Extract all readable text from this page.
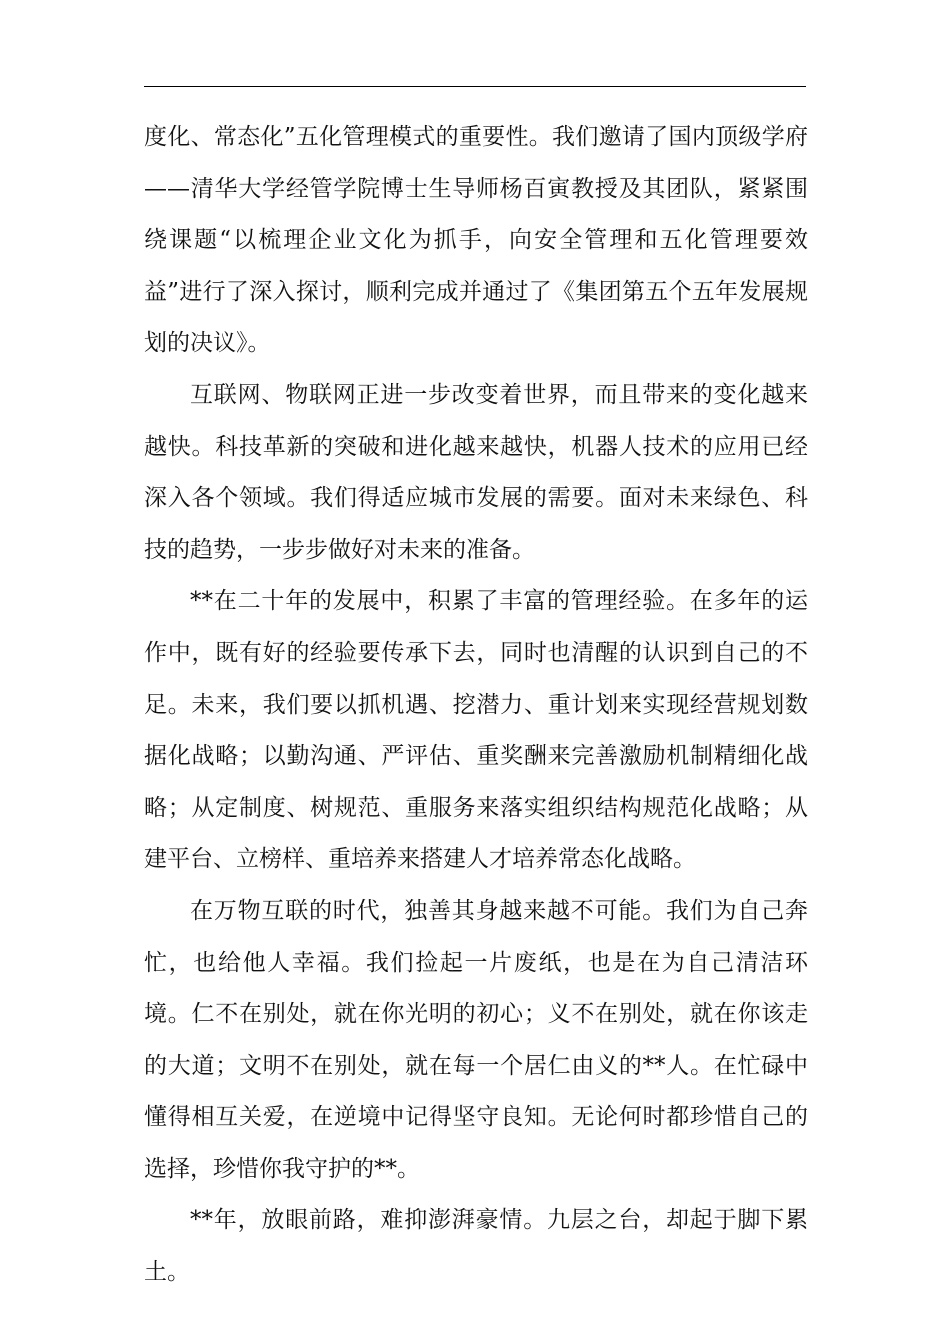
度化、常态化”五化管理模式的重要性。我们邀请了国内顶级学府——清华大学经管学院博士生导师杨百寅教授及其团队，紧紧围绕课题“以梳理企业文化为抓手，向安全管理和五化管理要效益”进行了深入探讨，顺利完成并通过了《集团第五个五年发展规划的决议》。

互联网、物联网正进一步改变着世界，而且带来的变化越来越快。科技革新的突破和进化越来越快，机器人技术的应用已经深入各个领域。我们得适应城市发展的需要。面对未来绿色、科技的趋势，一步步做好对未来的准备。

**在二十年的发展中，积累了丰富的管理经验。在多年的运作中，既有好的经验要传承下去，同时也清醒的认识到自己的不足。未来，我们要以抓机遇、挖潜力、重计划来实现经营规划数据化战略；以勤沟通、严评估、重奖酬来完善激励机制精细化战略；从定制度、树规范、重服务来落实组织结构规范化战略；从建平台、立榜样、重培养来搭建人才培养常态化战略。

在万物互联的时代，独善其身越来越不可能。我们为自己奔忙，也给他人幸福。我们捡起一片废纸，也是在为自己清洁环境。仁不在别处，就在你光明的初心；义不在别处，就在你该走的大道；文明不在别处，就在每一个居仁由义的**人。在忙碌中懂得相互关爱，在逆境中记得坚守良知。无论何时都珍惜自己的选择，珍惜你我守护的**。

**年，放眼前路，难抑澎湃豪情。九层之台，却起于脚下累土。
